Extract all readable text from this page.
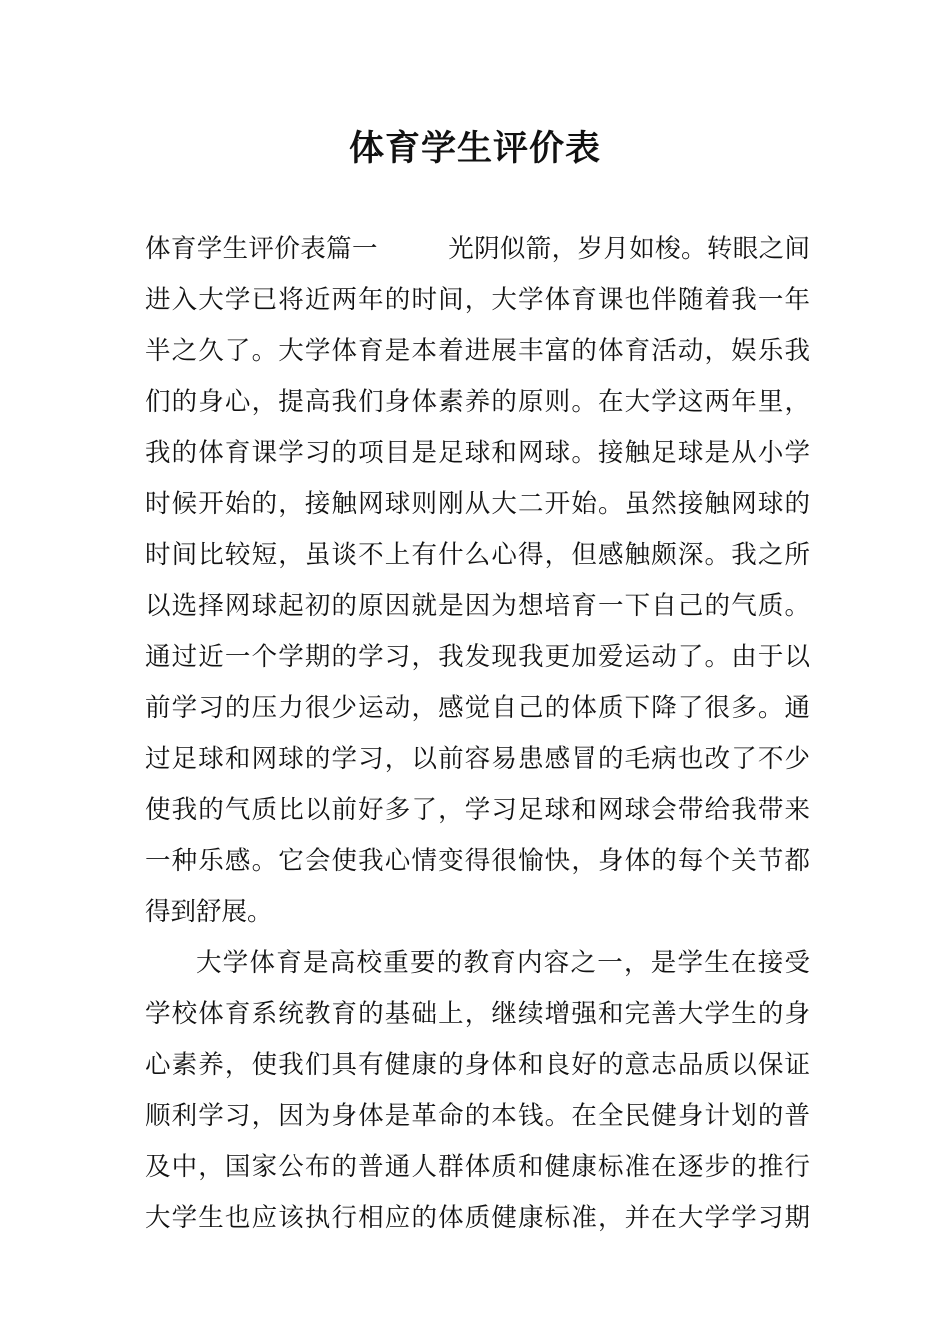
体育学生评价表
体育学生评价表篇一	光阴似箭，岁月如梭。转眼之间
进入大学已将近两年的时间，大学体育课也伴随着我一年
半之久了。大学体育是本着进展丰富的体育活动，娱乐我
们的身心，提高我们身体素养的原则。在大学这两年里，
我的体育课学习的项目是足球和网球。接触足球是从小学
时候开始的，接触网球则刚从大二开始。虽然接触网球的
时间比较短，虽谈不上有什么心得，但感触颇深。我之所
以选择网球起初的原因就是因为想培育一下自己的气质。
通过近一个学期的学习，我发现我更加爱运动了。由于以
前学习的压力很少运动，感觉自己的体质下降了很多。通
过足球和网球的学习，以前容易患感冒的毛病也改了不少
使我的气质比以前好多了，学习足球和网球会带给我带来
一种乐感。它会使我心情变得很愉快，身体的每个关节都
得到舒展。
大学体育是高校重要的教育内容之一，是学生在接受
学校体育系统教育的基础上，继续增强和完善大学生的身
心素养，使我们具有健康的身体和良好的意志品质以保证
顺利学习，因为身体是革命的本钱。在全民健身计划的普
及中，国家公布的普通人群体质和健康标准在逐步的推行
大学生也应该执行相应的体质健康标准，并在大学学习期
